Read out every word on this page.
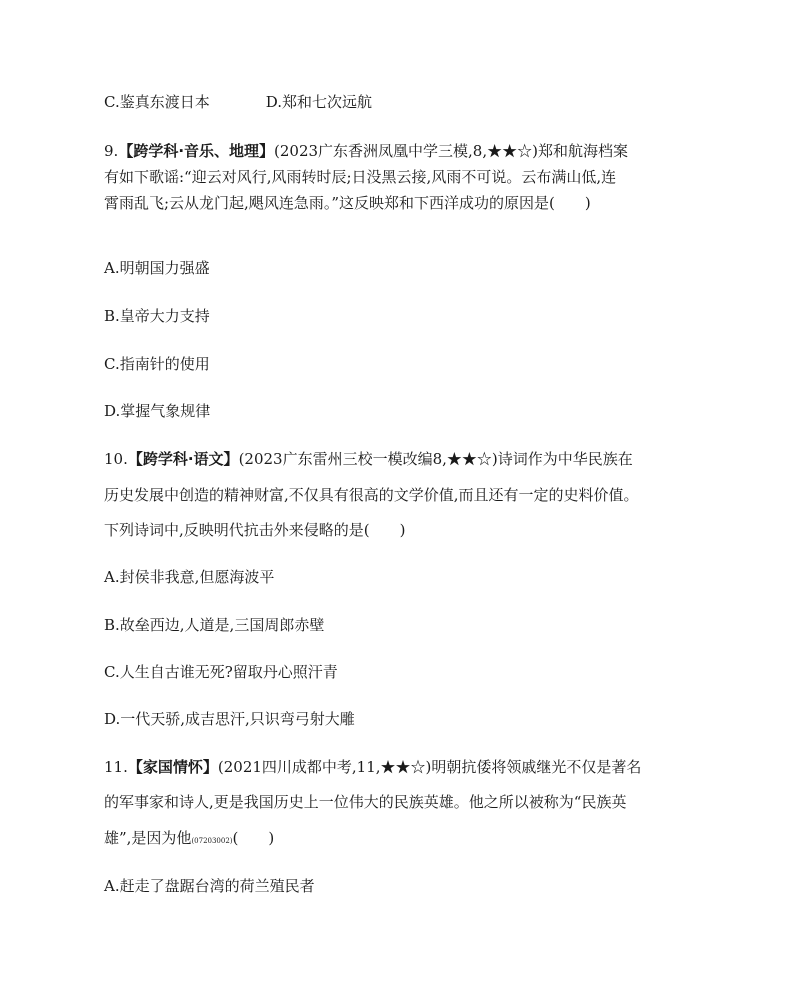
C.鉴真东渡日本	D.郑和七次远航
9.【跨学科·音乐、地理】(2023广东香洲凤凰中学三模,8,★★☆)郑和航海档案
有如下歌谣:“迎云对风行,风雨转时辰;日没黑云接,风雨不可说。云布满山低,连
霄雨乱飞;云从龙门起,飓风连急雨。”这反映郑和下西洋成功的原因是(　　)
A.明朝国力强盛
B.皇帝大力支持
C.指南针的使用
D.掌握气象规律
10.【跨学科·语文】(2023广东雷州三校一模改编8,★★☆)诗词作为中华民族在
历史发展中创造的精神财富,不仅具有很高的文学价值,而且还有一定的史料价值。
下列诗词中,反映明代抗击外来侵略的是(　　)
A.封侯非我意,但愿海波平
B.故垒西边,人道是,三国周郎赤壁
C.人生自古谁无死?留取丹心照汗青
D.一代天骄,成吉思汗,只识弯弓射大雕
11.【家国情怀】(2021四川成都中考,11,★★☆)明朝抗倭将领戚继光不仅是著名
的军事家和诗人,更是我国历史上一位伟大的民族英雄。他之所以被称为“民族英
雄”,是因为他(07203002)(　　)
A.赶走了盘踞台湾的荷兰殖民者
